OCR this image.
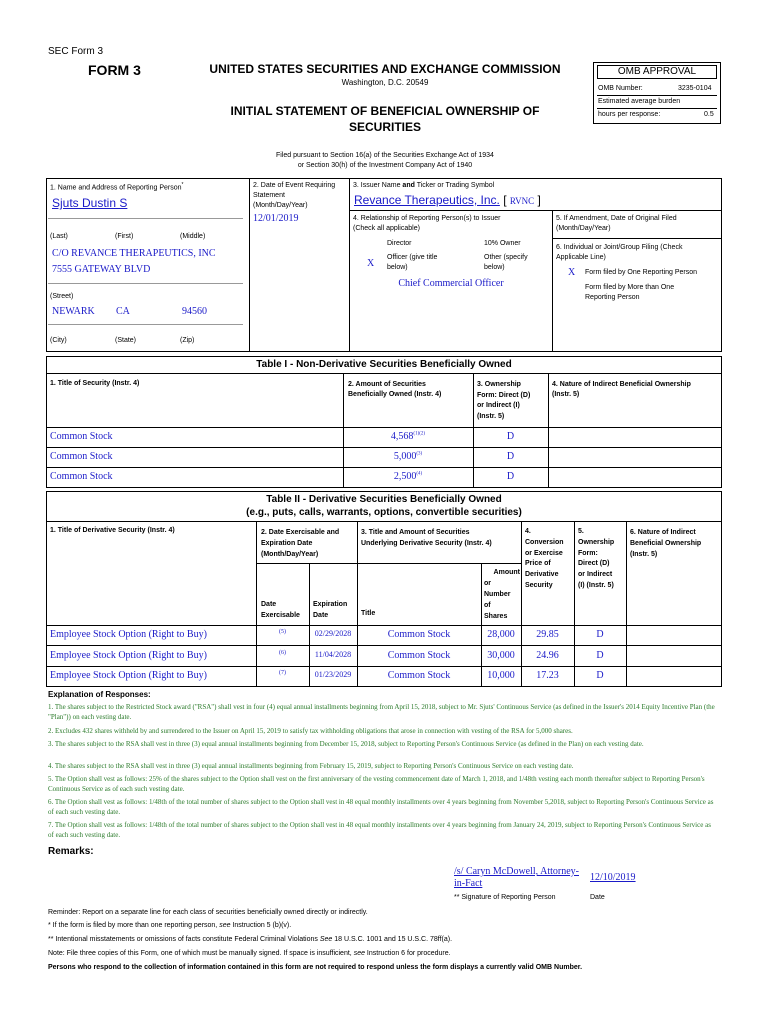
SEC Form 3
FORM 3	UNITED STATES SECURITIES AND EXCHANGE COMMISSION
Washington, D.C. 20549
INITIAL STATEMENT OF BENEFICIAL OWNERSHIP OF
SECURITIES
OMB APPROVAL
OMB Number:	3235-0104
Estimated average burden
hours per response:	0.5
Filed pursuant to Section 16(a) of the Securities Exchange Act of 1934
or Section 30(h) of the Investment Company Act of 1940
1. Name and Address of Reporting Person*
Sjuts Dustin S
(Last)	(First)	(Middle)
C/O REVANCE THERAPEUTICS, INC
7555 GATEWAY BLVD
(Street)
NEWARK CA	94560
(City)	(State)	(Zip)
2. Date of Event Requiring
Statement
(Month/Day/Year)
12/01/2019
3. Issuer Name and Ticker or Trading Symbol
Revance Therapeutics, Inc. [ RVNC ]
4. Relationship of Reporting Person(s) to Issuer
(Check all applicable)
Director	10% Owner
X
Officer (give title
below)
Other (specify
below)
Chief Commercial Officer
5. If Amendment, Date of Original Filed
(Month/Day/Year)
6. Individual or Joint/Group Filing (Check
Applicable Line)
X Form filed by One Reporting Person
Form filed by More than One
Reporting Person
Table I - Non-Derivative Securities Beneficially Owned
1. Title of Security (Instr. 4)	2. Amount of Securities
Beneficially Owned (Instr. 4)
3. Ownership
Form: Direct (D)
or Indirect (I)
(Instr. 5)
4. Nature of Indirect Beneficial Ownership
(Instr. 5)
Common Stock	$4,568^{(1)(2)}$	D
Common Stock	5,000$^{(3)}$	D
Common Stock	2,500$^{(4)}$	D
Table II - Derivative Securities Beneficially Owned
(e.g., puts, calls, warrants, options, convertible securities)
1. Title of Derivative Security (Instr. 4)	2. Date Exercisable and
Expiration Date
(Month/Day/Year)
3. Title and Amount of Securities
Underlying Derivative Security (Instr. 4)
4.
Conversion
or Exercise
Price of
Derivative
Security
5.
Ownership
Form:
Direct (D)
or Indirect
(I) (Instr. 5)
6. Nature of Indirect
Beneficial Ownership
(Instr. 5)
Date
Exercisable
Expiration
Date	Title
Amount
or
Number
of
Shares
Employee Stock Option (Right to Buy)	(5)	02/29/2028	Common Stock	28,000	29.85	D
Employee Stock Option (Right to Buy)	(6)	11/04/2028	Common Stock	30,000	24.96	D
Employee Stock Option (Right to Buy)	(7)	01/23/2029	Common Stock	10,000	17.23	D
Explanation of Responses:
1. The shares subject to the Restricted Stock award ("RSA") shall vest in four (4) equal annual installments beginning from April 15, 2018, subject to Mr. Sjuts' Continuous Service (as defined in the Issuer's 2014 Equity Incentive Plan (the "Plan")) on each vesting date.
2. Excludes 432 shares withheld by and surrendered to the Issuer on April 15, 2019 to satisfy tax withholding obligations that arose in connection with vesting of the RSA for 5,000 shares.
3. The shares subject to the RSA shall vest in three (3) equal annual installments beginning from December 15, 2018, subject to Reporting Person's Continuous Service (as defined in the Plan) on each vesting date.
4. The shares subject to the RSA shall vest in three (3) equal annual installments beginning from February 15, 2019, subject to Reporting Person's Continuous Service on each vesting date.
5. The Option shall vest as follows: 25% of the shares subject to the Option shall vest on the first anniversary of the vesting commencement date of March 1, 2018, and 1/48th vesting each month thereafter subject to Reporting Person's Continuous Service as of each such vesting date.
6. The Option shall vest as follows: 1/48th of the total number of shares subject to the Option shall vest in 48 equal monthly installments over 4 years beginning from November 5,2018, subject to Reporting Person's Continuous Service as of each such vesting date.
7. The Option shall vest as follows: 1/48th of the total number of shares subject to the Option shall vest in 48 equal monthly installments over 4 years beginning from January 24, 2019, subject to Reporting Person's Continuous Service as of each such vesting date.
Remarks:
/s/ Caryn McDowell, Attorney-
in-Fact
12/10/2019
** Signature of Reporting Person	Date
Reminder: Report on a separate line for each class of securities beneficially owned directly or indirectly.
* If the form is filed by more than one reporting person, see Instruction 5 (b)(v).
** Intentional misstatements or omissions of facts constitute Federal Criminal Violations See 18 U.S.C. 1001 and 15 U.S.C. 78ff(a).
Note: File three copies of this Form, one of which must be manually signed. If space is insufficient, see Instruction 6 for procedure.
Persons who respond to the collection of information contained in this form are not required to respond unless the form displays a currently valid OMB Number.
